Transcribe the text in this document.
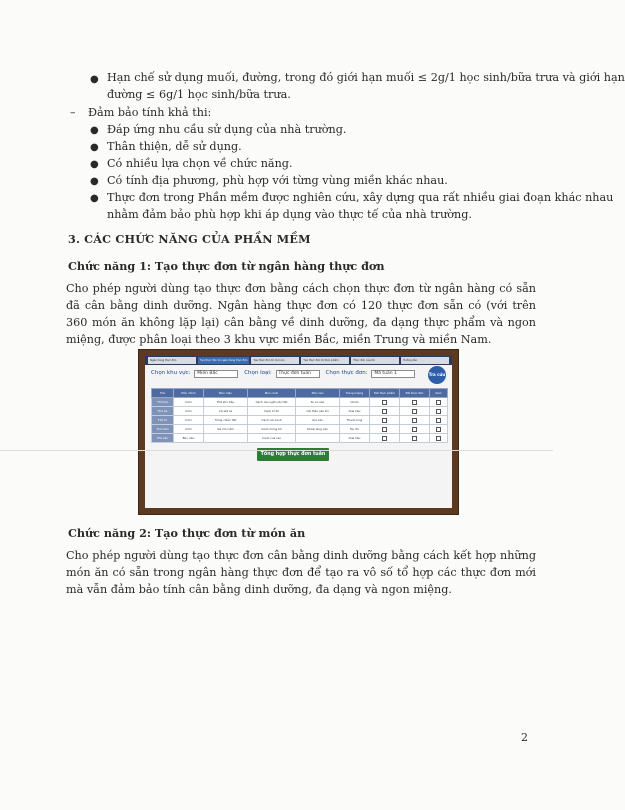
● Hạn chế sử dụng muối, đường, trong đó giới hạn muối ≤ 2g/1 học sinh/bữa trưa và giới hạn
đường ≤ 6g/1 học sinh/bữa trưa.
– Đảm bảo tính khả thi:
● Đáp ứng nhu cầu sử dụng của nhà trường.
● Thân thiện, dễ sử dụng.
● Có nhiều lựa chọn về chức năng.
● Có tính địa phương, phù hợp với từng vùng miền khác nhau.
● Thực đơn trong Phần mềm được nghiên cứu, xây dựng qua rất nhiều giai đoạn khác nhau
nhằm đảm bảo phù hợp khi áp dụng vào thực tế của nhà trường.
3. CÁC CHỨC NĂNG CỦA PHẦN MỀM
Chức năng 1: Tạo thực đơn từ ngân hàng thực đơn
Cho phép người dùng tạo thực đơn bằng cách chọn thực đơn từ ngân hàng có sẵn đã cân bằng dinh dưỡng. Ngân hàng thực đơn có 120 thực đơn sẵn có (với trên 360 món ăn không lặp lại) cân bằng về dinh dưỡng, đa dạng thực phẩm và ngon miệng, được phân loại theo 3 khu vực miền Bắc, miền Trung và miền Nam.
Ngân hàng thực đơn	Tạo thực đơn từ ngân hàng thực đơn	Tạo thực đơn từ món ăn	Tạo thực đơn từ thực phẩm	Thực đơn của tôi	Hướng dẫn
Chọn khu vực: Miền Bắc	Chọn loại: Thực đơn tuần	Chọn thực đơn: Mã tuần 1	Tra cứu
Thứ	Món chính	Món mặn	Món canh	Món xào	Tráng miệng	Đổi thực phẩm	Đổi thực đơn	Xem
Thứ hai	Cơm	Thịt kho tiêu	Canh rau ngót nấu thịt	Su su xào	Chuối			
Thứ ba	Cơm	Cá sốt cà	Canh bí đỏ	Cải thảo xào tỏi	Dưa hấu			
Thứ tư	Cơm	Trứng chiên thịt	Canh cải xanh	Giá xào	Thanh long			
Thứ năm	Cơm	Gà rim nấm	Canh mồng tơi	Khoai lang xào	Đu đủ			
Thứ sáu	Bún riêu		Canh cua rau		Dưa hấu			
Tổng hợp thực đơn tuần
Chức năng 2: Tạo thực đơn từ món ăn
Cho phép người dùng tạo thực đơn cân bằng dinh dưỡng bằng cách kết hợp những món ăn có sẵn trong ngân hàng thực đơn để tạo ra vô số tổ hợp các thực đơn mới mà vẫn đảm bảo tính cân bằng dinh dưỡng, đa dạng và ngon miệng.
2
